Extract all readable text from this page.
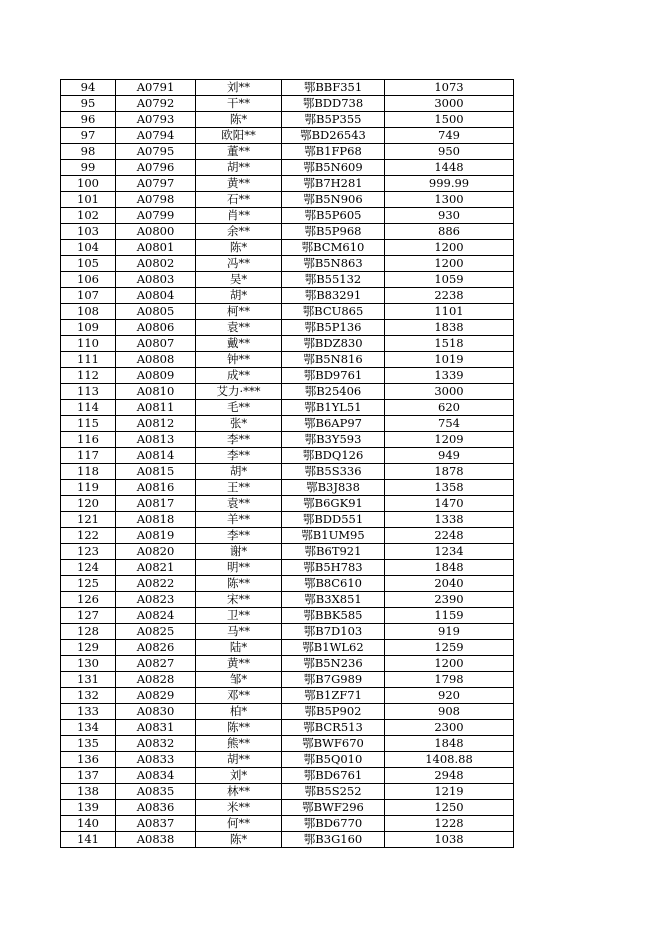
94	A0791	刘**	鄂BBF351	1073
95	A0792	干**	鄂BDD738	3000
96	A0793	陈*	鄂B5P355	1500
97	A0794	欧阳**	鄂BD26543	749
98	A0795	董**	鄂B1FP68	950
99	A0796	胡**	鄂B5N609	1448
100	A0797	黄**	鄂B7H281	999.99
101	A0798	石**	鄂B5N906	1300
102	A0799	肖**	鄂B5P605	930
103	A0800	余**	鄂B5P968	886
104	A0801	陈*	鄂BCM610	1200
105	A0802	冯**	鄂B5N863	1200
106	A0803	吴*	鄂B55132	1059
107	A0804	胡*	鄂B83291	2238
108	A0805	柯**	鄂BCU865	1101
109	A0806	袁**	鄂B5P136	1838
110	A0807	戴**	鄂BDZ830	1518
111	A0808	钟**	鄂B5N816	1019
112	A0809	成**	鄂BD9761	1339
113	A0810	艾力·***	鄂B25406	3000
114	A0811	毛**	鄂B1YL51	620
115	A0812	张*	鄂B6AP97	754
116	A0813	李**	鄂B3Y593	1209
117	A0814	李**	鄂BDQ126	949
118	A0815	胡*	鄂B5S336	1878
119	A0816	王**	鄂B3J838	1358
120	A0817	袁**	鄂B6GK91	1470
121	A0818	羊**	鄂BDD551	1338
122	A0819	李**	鄂B1UM95	2248
123	A0820	谢*	鄂B6T921	1234
124	A0821	明**	鄂B5H783	1848
125	A0822	陈**	鄂B8C610	2040
126	A0823	宋**	鄂B3X851	2390
127	A0824	卫**	鄂BBK585	1159
128	A0825	马**	鄂B7D103	919
129	A0826	陆*	鄂B1WL62	1259
130	A0827	黄**	鄂B5N236	1200
131	A0828	邹*	鄂B7G989	1798
132	A0829	邓**	鄂B1ZF71	920
133	A0830	柏*	鄂B5P902	908
134	A0831	陈**	鄂BCR513	2300
135	A0832	熊**	鄂BWF670	1848
136	A0833	胡**	鄂B5Q010	1408.88
137	A0834	刘*	鄂BD6761	2948
138	A0835	林**	鄂B5S252	1219
139	A0836	米**	鄂BWF296	1250
140	A0837	何**	鄂BD6770	1228
141	A0838	陈*	鄂B3G160	1038
